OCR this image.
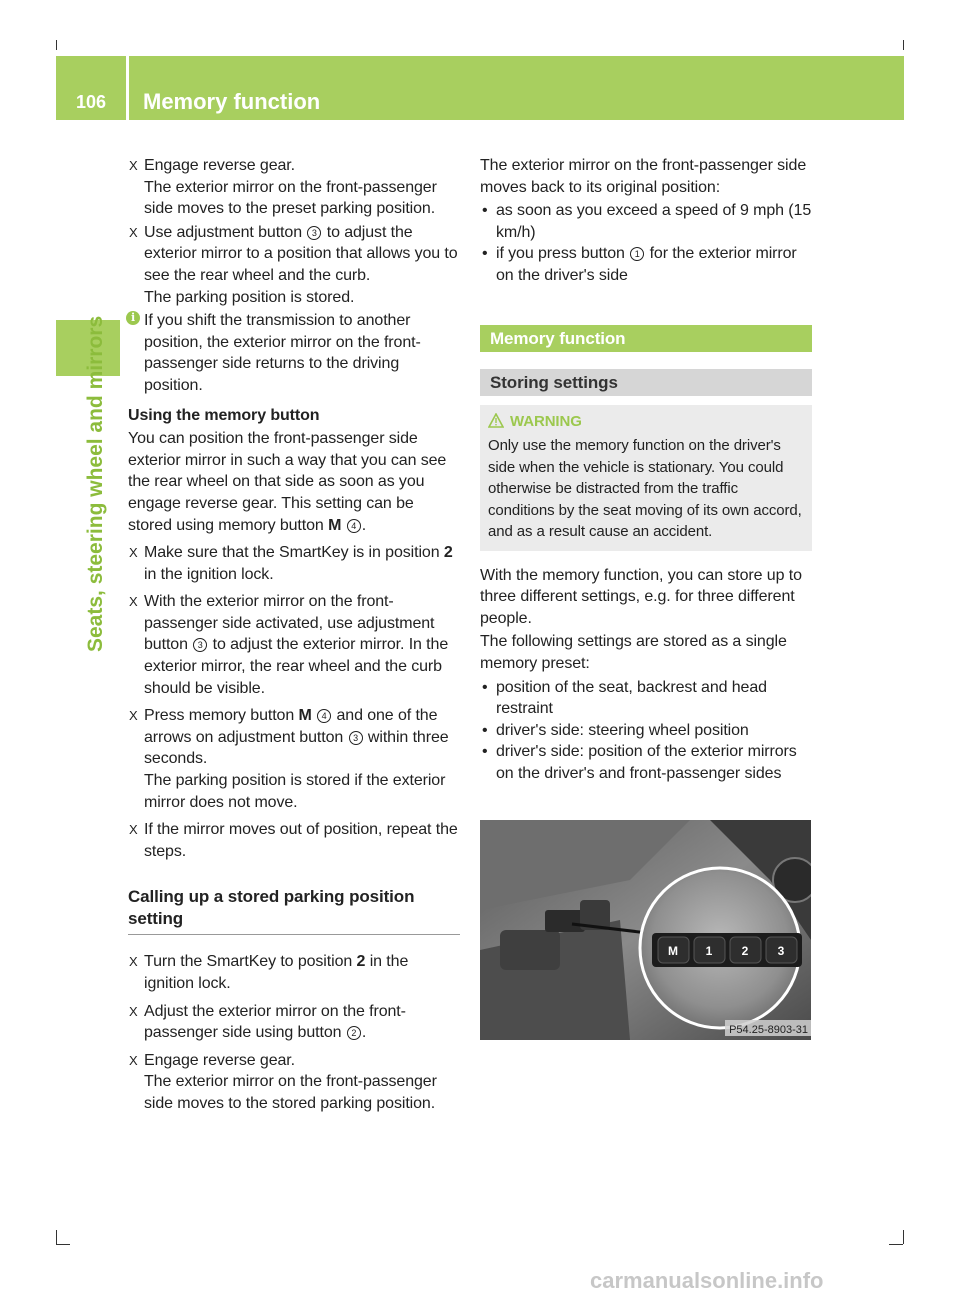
106	Memory function
Seats, steering wheel and mirrors
X Engage reverse gear.

The exterior mirror on the front-passenger side moves to the preset parking position.

X Use adjustment button 3 to adjust the exterior mirror to a position that allows you to see the rear wheel and the curb.

The parking position is stored.

i If you shift the transmission to another position, the exterior mirror on the front-passenger side returns to the driving position.

Using the memory button

You can position the front-passenger side exterior mirror in such a way that you can see the rear wheel on that side as soon as you engage reverse gear. This setting can be stored using memory button M 4 .

X Make sure that the SmartKey is in position 2 in the ignition lock.

X With the exterior mirror on the front-passenger side activated, use adjustment button 3 to adjust the exterior mirror. In the exterior mirror, the rear wheel and the curb should be visible.

X Press memory button M 4 and one of the arrows on adjustment button 3 within three seconds.

The parking position is stored if the exterior mirror does not move.

X If the mirror moves out of position, repeat the steps.

Calling up a stored parking position setting
X Turn the SmartKey to position 2 in the ignition lock.

X Adjust the exterior mirror on the front-passenger side using button 2 .

X Engage reverse gear.

The exterior mirror on the front-passenger side moves to the stored parking position.

The exterior mirror on the front-passenger side moves back to its original position:

• as soon as you exceed a speed of 9 mph (15 km/h)
• if you press button 1 for the exterior mirror on the driver's side
Memory function
Storing settings
WARNING
Only use the memory function on the driver's side when the vehicle is stationary. You could otherwise be distracted from the traffic conditions by the seat moving of its own accord, and as a result cause an accident.

With the memory function, you can store up to three different settings, e.g. for three different people.

The following settings are stored as a single memory preset:

• position of the seat, backrest and head restraint
• driver's side: steering wheel position
• driver's side: position of the exterior mirrors on the driver's and front-passenger sides
M 1 2 3
P54.25-8903-31
carmanualsonline.info
